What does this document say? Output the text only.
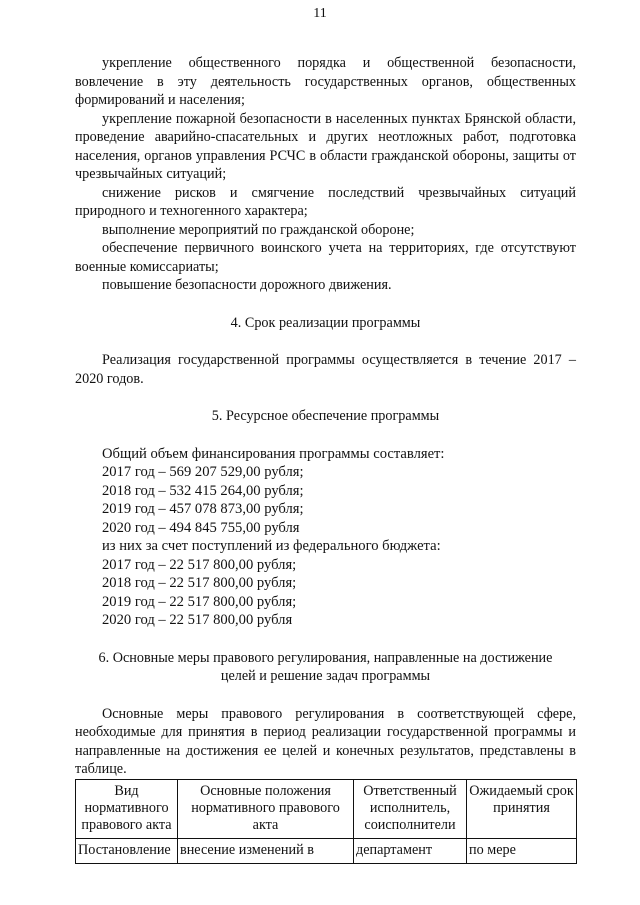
11

укрепление общественного порядка и общественной безопасности, вовлечение в эту деятельность государственных органов, общественных формирований и населения;

укрепление пожарной безопасности в населенных пунктах Брянской области, проведение аварийно-спасательных и других неотложных работ, подготовка населения, органов управления РСЧС в области гражданской обороны, защиты от чрезвычайных ситуаций;

снижение рисков и смягчение последствий чрезвычайных ситуаций природного и техногенного характера;

выполнение мероприятий по гражданской обороне;

обеспечение первичного воинского учета на территориях, где отсутствуют военные комиссариаты;

повышение безопасности дорожного движения.

4. Срок реализации программы

Реализация государственной программы осуществляется в течение 2017 – 2020 годов.

5. Ресурсное обеспечение программы

Общий объем финансирования программы составляет:

2017 год – 569 207 529,00 рубля;

2018 год – 532 415 264,00 рубля;

2019 год – 457 078 873,00 рубля;

2020 год – 494 845 755,00 рубля

из них за счет поступлений из федерального бюджета:

2017 год – 22 517 800,00 рубля;

2018 год – 22 517 800,00 рубля;

2019 год – 22 517 800,00 рубля;

2020 год – 22 517 800,00 рубля

6. Основные меры правового регулирования, направленные на достижение

целей и решение задач программы

Основные меры правового регулирования в соответствующей сфере, необходимые для принятия в период реализации государственной программы и направленные на достижения ее целей и конечных результатов, представлены в таблице.

Вид нормативного правового акта	Основные положения нормативного правового акта	Ответственный исполнитель, соисполнители	Ожидаемый срок принятия
Постановление	внесение изменений в	департамент	по мере
